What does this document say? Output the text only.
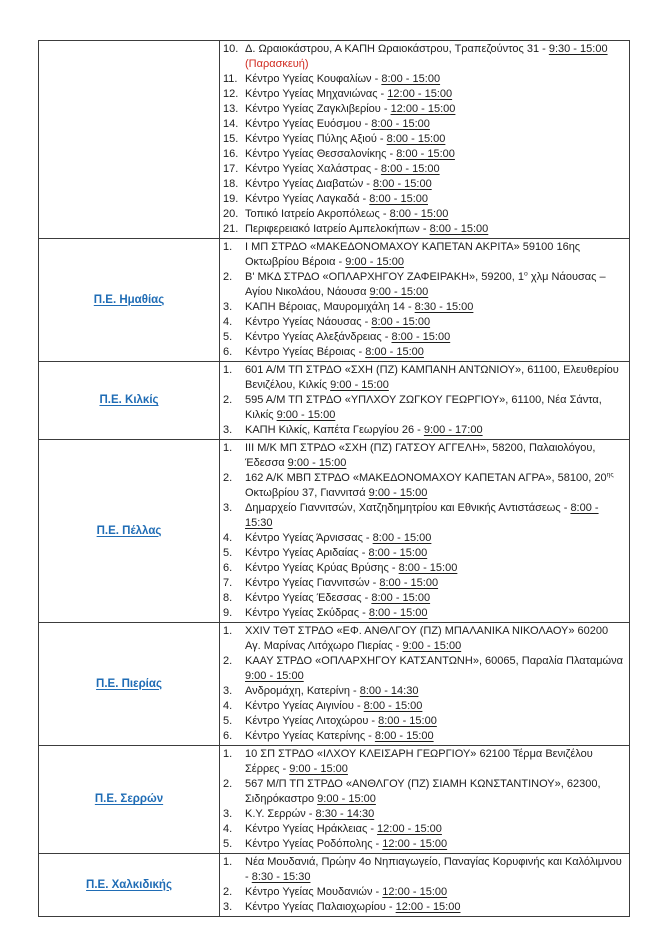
10. Δ. Ωραιοκάστρου, Α ΚΑΠΗ Ωραιοκάστρου, Τραπεζούντος 31 - 9:30 - 15:00 (Παρασκευή)
11. Κέντρο Υγείας Κουφαλίων - 8:00 - 15:00
12. Κέντρο Υγείας Μηχανιώνας - 12:00 - 15:00
13. Κέντρο Υγείας Ζαγκλιβερίου - 12:00 - 15:00
14. Κέντρο Υγείας Ευόσμου - 8:00 - 15:00
15. Κέντρο Υγείας Πύλης Αξιού - 8:00 - 15:00
16. Κέντρο Υγείας Θεσσαλονίκης - 8:00 - 15:00
17. Κέντρο Υγείας Χαλάστρας - 8:00 - 15:00
18. Κέντρο Υγείας Διαβατών - 8:00 - 15:00
19. Κέντρο Υγείας Λαγκαδά - 8:00 - 15:00
20. Τοπικό Ιατρείο Ακροπόλεως - 8:00 - 15:00
21. Περιφερειακό Ιατρείο Αμπελοκήπων - 8:00 - 15:00

Π.Ε. Ημαθίας	
1.	Ι ΜΠ ΣΤΡΔΟ «ΜΑΚΕΔΟΝΟΜΑΧΟΥ ΚΑΠΕΤΑΝ ΑΚΡΙΤΑ» 59100 16ης Οκτωβρίου Βέροια - 9:00 - 15:00
2.	Β' ΜΚΔ ΣΤΡΔΟ «ΟΠΛΑΡΧΗΓΟΥ ΖΑΦΕΙΡΑΚΗ», 59200, $1^o$ χλμ Νάουσας – Αγίου Νικολάου, Νάουσα 9:00 - 15:00
3.	ΚΑΠΗ Βέροιας, Μαυρομιχάλη 14 - 8:30 - 15:00
4.	Κέντρο Υγείας Νάουσας - 8:00 - 15:00
5.	Κέντρο Υγείας Αλεξάνδρειας - 8:00 - 15:00
6.	Κέντρο Υγείας Βέροιας - 8:00 - 15:00

Π.Ε. Κιλκίς	
1.	601 Α/Μ ΤΠ ΣΤΡΔΟ «ΣΧΗ (ΠΖ) ΚΑΜΠΑΝΗ ΑΝΤΩΝΙΟΥ», 61100, Ελευθερίου Βενιζέλου, Κιλκίς 9:00 - 15:00
2.	595 Α/Μ ΤΠ ΣΤΡΔΟ «ΥΠΛΧΟΥ ΖΩΓΚΟΥ ΓΕΩΡΓΙΟΥ», 61100, Νέα Σάντα, Κιλκίς 9:00 - 15:00
3.	ΚΑΠΗ Κιλκίς, Καπέτα Γεωργίου 26 - 9:00 - 17:00

Π.Ε. Πέλλας	
1.	ΙΙΙ Μ/Κ ΜΠ ΣΤΡΔΟ «ΣΧΗ (ΠΖ) ΓΑΤΣΟΥ ΑΓΓΕΛΗ», 58200, Παλαιολόγου, Έδεσσα 9:00 - 15:00
2.	162 Α/Κ ΜΒΠ ΣΤΡΔΟ «ΜΑΚΕΔΟΝΟΜΑΧΟΥ ΚΑΠΕΤΑΝ ΑΓΡΑ», 58100, $20^{\eta\varsigma}$ Οκτωβρίου 37, Γιαννιτσά 9:00 - 15:00
3.	Δημαρχείο Γιαννιτσών, Χατζηδημητρίου και Εθνικής Αντιστάσεως - 8:00 - 15:30
4.	Κέντρο Υγείας Άρνισσας - 8:00 - 15:00
5.	Κέντρο Υγείας Αριδαίας - 8:00 - 15:00
6.	Κέντρο Υγείας Κρύας Βρύσης - 8:00 - 15:00
7.	Κέντρο Υγείας Γιαννιτσών - 8:00 - 15:00
8.	Κέντρο Υγείας Έδεσσας - 8:00 - 15:00
9.	Κέντρο Υγείας Σκύδρας - 8:00 - 15:00

Π.Ε. Πιερίας	
1.	XXIV ΤΘΤ ΣΤΡΔΟ «ΕΦ. ΑΝΘΛΓΟΥ (ΠΖ) ΜΠΑΛΑΝΙΚΑ ΝΙΚΟΛΑΟΥ» 60200 Αγ. Μαρίνας Λιτόχωρο Πιερίας - 9:00 - 15:00
2.	ΚΑΑΥ ΣΤΡΔΟ «ΟΠΛΑΡΧΗΓΟΥ ΚΑΤΣΑΝΤΩΝΗ», 60065, Παραλία Πλαταμώνα 9:00 - 15:00
3.	Ανδρομάχη, Κατερίνη - 8:00 - 14:30
4.	Κέντρο Υγείας Αιγινίου - 8:00 - 15:00
5.	Κέντρο Υγείας Λιτοχώρου - 8:00 - 15:00
6.	Κέντρο Υγείας Κατερίνης - 8:00 - 15:00

Π.Ε. Σερρών	
1.	10 ΣΠ ΣΤΡΔΟ «ΙΛΧΟΥ ΚΛΕΙΣΑΡΗ ΓΕΩΡΓΙΟΥ» 62100 Τέρμα Βενιζέλου Σέρρες - 9:00 - 15:00
2.	567 Μ/Π ΤΠ ΣΤΡΔΟ «ΑΝΘΛΓΟΥ (ΠΖ) ΣΙΑΜΗ ΚΩΝΣΤΑΝΤΙΝΟΥ», 62300, Σιδηρόκαστρο 9:00 - 15:00
3.	Κ.Υ. Σερρών - 8:30 - 14:30
4.	Κέντρο Υγείας Ηράκλειας - 12:00 - 15:00
5.	Κέντρο Υγείας Ροδόπολης - 12:00 - 15:00

Π.Ε. Χαλκιδικής	
1.	Νέα Μουδανιά, Πρώην 4ο Νηπιαγωγείο, Παναγίας Κορυφινής και Καλόλιμνου - 8:30 - 15:30
2.	Κέντρο Υγείας Μουδανιών - 12:00 - 15:00
3.	Κέντρο Υγείας Παλαιοχωρίου - 12:00 - 15:00
